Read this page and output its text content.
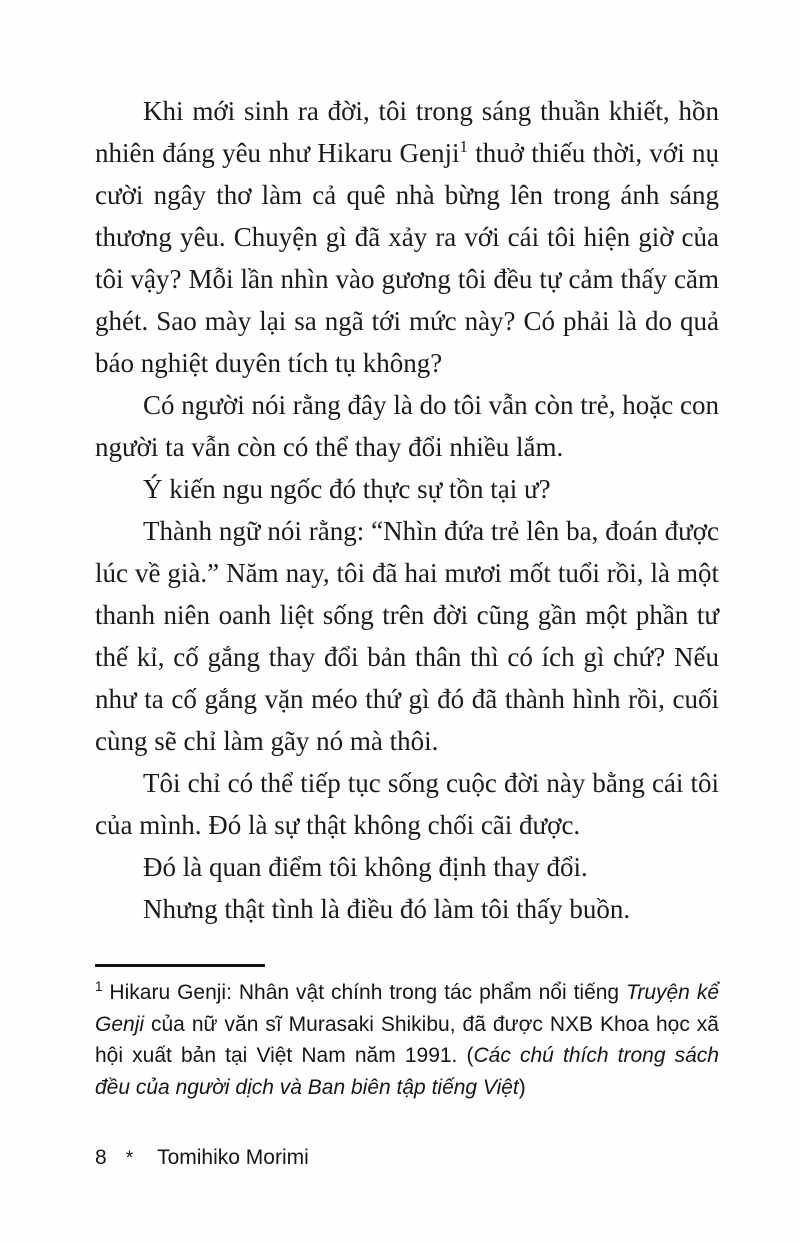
Khi mới sinh ra đời, tôi trong sáng thuần khiết, hồn nhiên đáng yêu như Hikaru Genji$^1$ thuở thiếu thời, với nụ cười ngây thơ làm cả quê nhà bừng lên trong ánh sáng thương yêu. Chuyện gì đã xảy ra với cái tôi hiện giờ của tôi vậy? Mỗi lần nhìn vào gương tôi đều tự cảm thấy căm ghét. Sao mày lại sa ngã tới mức này? Có phải là do quả báo nghiệt duyên tích tụ không?

Có người nói rằng đây là do tôi vẫn còn trẻ, hoặc con người ta vẫn còn có thể thay đổi nhiều lắm.

Ý kiến ngu ngốc đó thực sự tồn tại ư?

Thành ngữ nói rằng: “Nhìn đứa trẻ lên ba, đoán được lúc về già.” Năm nay, tôi đã hai mươi mốt tuổi rồi, là một thanh niên oanh liệt sống trên đời cũng gần một phần tư thế kỉ, cố gắng thay đổi bản thân thì có ích gì chứ? Nếu như ta cố gắng vặn méo thứ gì đó đã thành hình rồi, cuối cùng sẽ chỉ làm gãy nó mà thôi.

Tôi chỉ có thể tiếp tục sống cuộc đời này bằng cái tôi của mình. Đó là sự thật không chối cãi được.

Đó là quan điểm tôi không định thay đổi.

Nhưng thật tình là điều đó làm tôi thấy buồn.

$^1$ Hikaru Genji: Nhân vật chính trong tác phẩm nổi tiếng Truyện kể Genji của nữ văn sĩ Murasaki Shikibu, đã được NXB Khoa học xã hội xuất bản tại Việt Nam năm 1991. (Các chú thích trong sách đều của người dịch và Ban biên tập tiếng Việt)

8 * Tomihiko Morimi
